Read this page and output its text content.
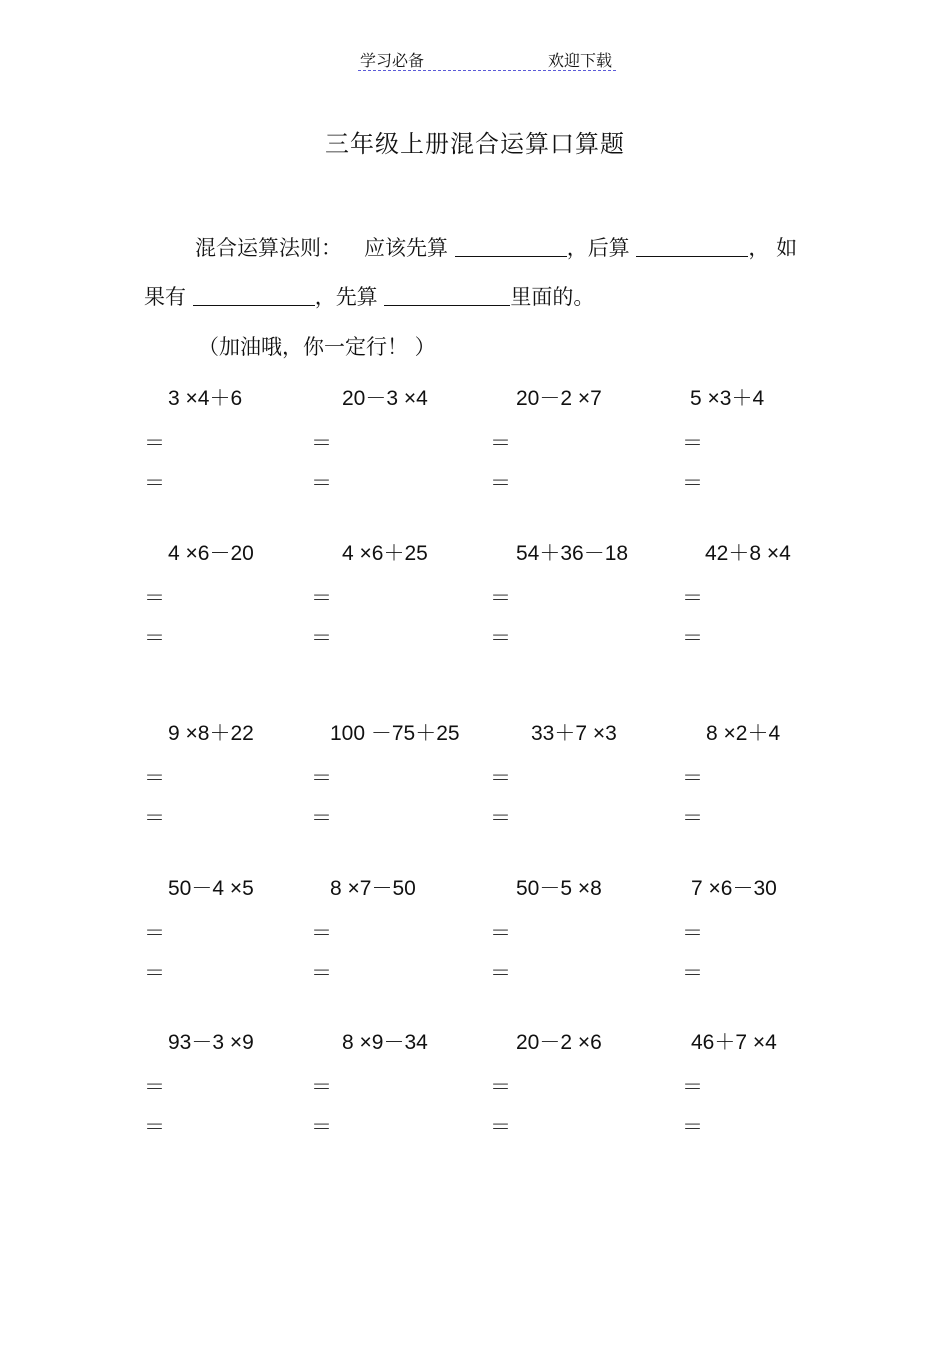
学习必备	欢迎下载
三年级上册混合运算口算题
混合运算法则： 应该先算	，后算	， 如
果有	，先算	里面的。
（加油哦，你一定行！ ）
3 ×4＋6
＝
＝
20－3 ×4
＝
＝
20－2 ×7
＝
＝
5 ×3＋4
＝
＝
4 ×6－20
＝
＝
4 ×6＋25
＝
＝
54＋36－18
＝
＝
42＋8 ×4
＝
＝
9 ×8＋22
＝
＝
100 －75＋25
＝
＝
33＋7 ×3
＝
＝
8 ×2＋4
＝
＝
50－4 ×5
＝
＝
8 ×7－50
＝
＝
50－5 ×8
＝
＝
7 ×6－30
＝
＝
93－3 ×9
＝
＝
8 ×9－34
＝
＝
20－2 ×6
＝
＝
46＋7 ×4
＝
＝
